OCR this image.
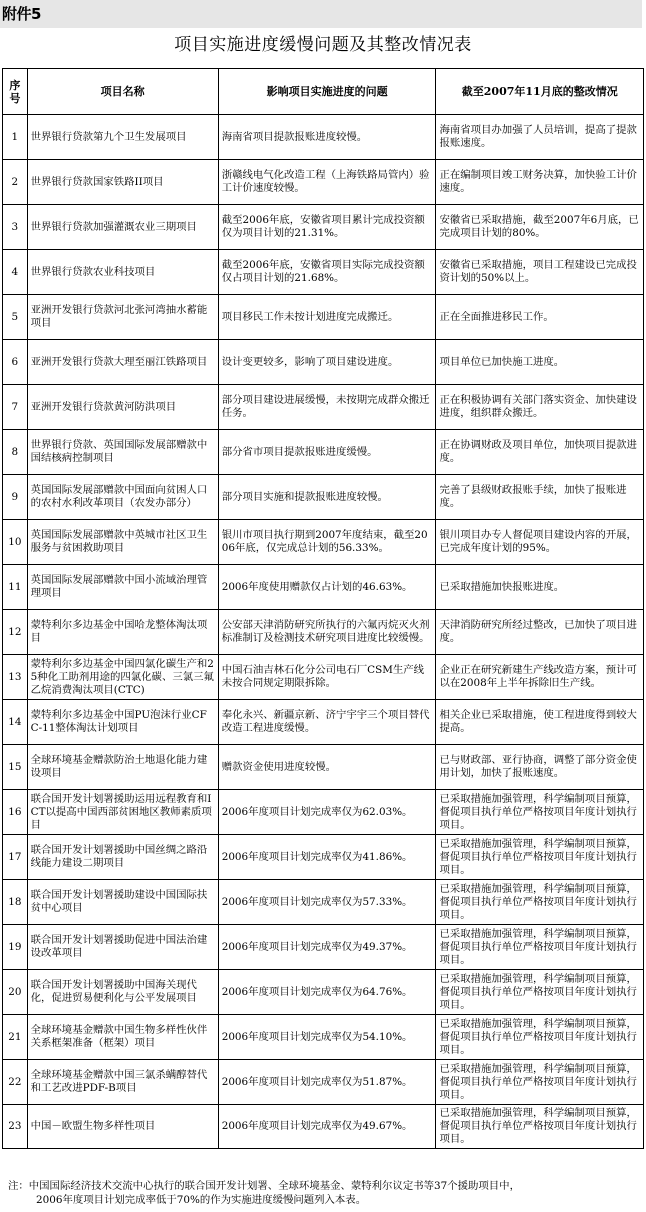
附件5
项目实施进度缓慢问题及其整改情况表
序号	项目名称	影响项目实施进度的问题	截至2007年11月底的整改情况
1	世界银行贷款第九个卫生发展项目	海南省项目提款报账进度较慢。	海南省项目办加强了人员培训，提高了提款报账速度。
2	世界银行贷款国家铁路II项目	浙赣线电气化改造工程（上海铁路局管内）验工计价速度较慢。	正在编制项目竣工财务决算，加快验工计价速度。
3	世界银行贷款加强灌溉农业三期项目	截至2006年底，安徽省项目累计完成投资额仅为项目计划的21.31%。	安徽省已采取措施，截至2007年6月底，已完成项目计划的80%。
4	世界银行贷款农业科技项目	截至2006年底，安徽省项目实际完成投资额仅占项目计划的21.68%。	安徽省已采取措施，项目工程建设已完成投资计划的50%以上。
5	亚洲开发银行贷款河北张河湾抽水蓄能项目	项目移民工作未按计划进度完成搬迁。	正在全面推进移民工作。
6	亚洲开发银行贷款大理至丽江铁路项目	设计变更较多，影响了项目建设进度。	项目单位已加快施工进度。
7	亚洲开发银行贷款黄河防洪项目	部分项目建设进展缓慢，未按期完成群众搬迁任务。	正在积极协调有关部门落实资金、加快建设进度，组织群众搬迁。
8	世界银行贷款、英国国际发展部赠款中国结核病控制项目	部分省市项目提款报账进度缓慢。	正在协调财政及项目单位，加快项目提款进度。
9	英国国际发展部赠款中国面向贫困人口的农村水利改革项目（农发办部分）	部分项目实施和提款报账进度较慢。	完善了县级财政报账手续，加快了报账进度。
10	英国国际发展部赠款中英城市社区卫生服务与贫困救助项目	银川市项目执行期到2007年度结束，截至2006年底，仅完成总计划的56.33%。	银川项目办专人督促项目建设内容的开展，已完成年度计划的95%。
11	英国国际发展部赠款中国小流域治理管理项目	2006年度使用赠款仅占计划的46.63%。	已采取措施加快报账进度。
12	蒙特利尔多边基金中国哈龙整体淘汰项目	公安部天津消防研究所执行的六氟丙烷灭火剂标准制订及检测技术研究项目进度比较缓慢。	天津消防研究所经过整改，已加快了项目进度。
13	蒙特利尔多边基金中国四氯化碳生产和25种化工助剂用途的四氯化碳、三氯三氟乙烷消费淘汰项目(CTC)	中国石油吉林石化分公司电石厂CSM生产线未按合同规定期限拆除。	企业正在研究新建生产线改造方案，预计可以在2008年上半年拆除旧生产线。
14	蒙特利尔多边基金中国PU泡沫行业CFC-11整体淘汰计划项目	奉化永兴、新疆京新、济宁宇宇三个项目替代改造工程进度缓慢。	相关企业已采取措施，使工程进度得到较大提高。
15	全球环境基金赠款防治土地退化能力建设项目	赠款资金使用进度较慢。	已与财政部、亚行协商，调整了部分资金使用计划，加快了报账速度。
16	联合国开发计划署援助运用远程教育和ICT以提高中国西部贫困地区教师素质项目	2006年度项目计划完成率仅为62.03%。	已采取措施加强管理，科学编制项目预算，督促项目执行单位严格按项目年度计划执行项目。
17	联合国开发计划署援助中国丝绸之路沿线能力建设二期项目	2006年度项目计划完成率仅为41.86%。	已采取措施加强管理，科学编制项目预算，督促项目执行单位严格按项目年度计划执行项目。
18	联合国开发计划署援助建设中国国际扶贫中心项目	2006年度项目计划完成率仅为57.33%。	已采取措施加强管理，科学编制项目预算，督促项目执行单位严格按项目年度计划执行项目。
19	联合国开发计划署援助促进中国法治建设改革项目	2006年度项目计划完成率仅为49.37%。	已采取措施加强管理，科学编制项目预算，督促项目执行单位严格按项目年度计划执行项目。
20	联合国开发计划署援助中国海关现代化，促进贸易便利化与公平发展项目	2006年度项目计划完成率仅为64.76%。	已采取措施加强管理，科学编制项目预算，督促项目执行单位严格按项目年度计划执行项目。
21	全球环境基金赠款中国生物多样性伙伴关系框架准备（框架）项目	2006年度项目计划完成率仅为54.10%。	已采取措施加强管理，科学编制项目预算，督促项目执行单位严格按项目年度计划执行项目。
22	全球环境基金赠款中国三氯杀螨醇替代和工艺改进PDF-B项目	2006年度项目计划完成率仅为51.87%。	已采取措施加强管理，科学编制项目预算，督促项目执行单位严格按项目年度计划执行项目。
23	中国－欧盟生物多样性项目	2006年度项目计划完成率仅为49.67%。	已采取措施加强管理，科学编制项目预算，督促项目执行单位严格按项目年度计划执行项目。
注：中国国际经济技术交流中心执行的联合国开发计划署、全球环境基金、蒙特利尔议定书等37个援助项目中，
2006年度项目计划完成率低于70%的作为实施进度缓慢问题列入本表。
